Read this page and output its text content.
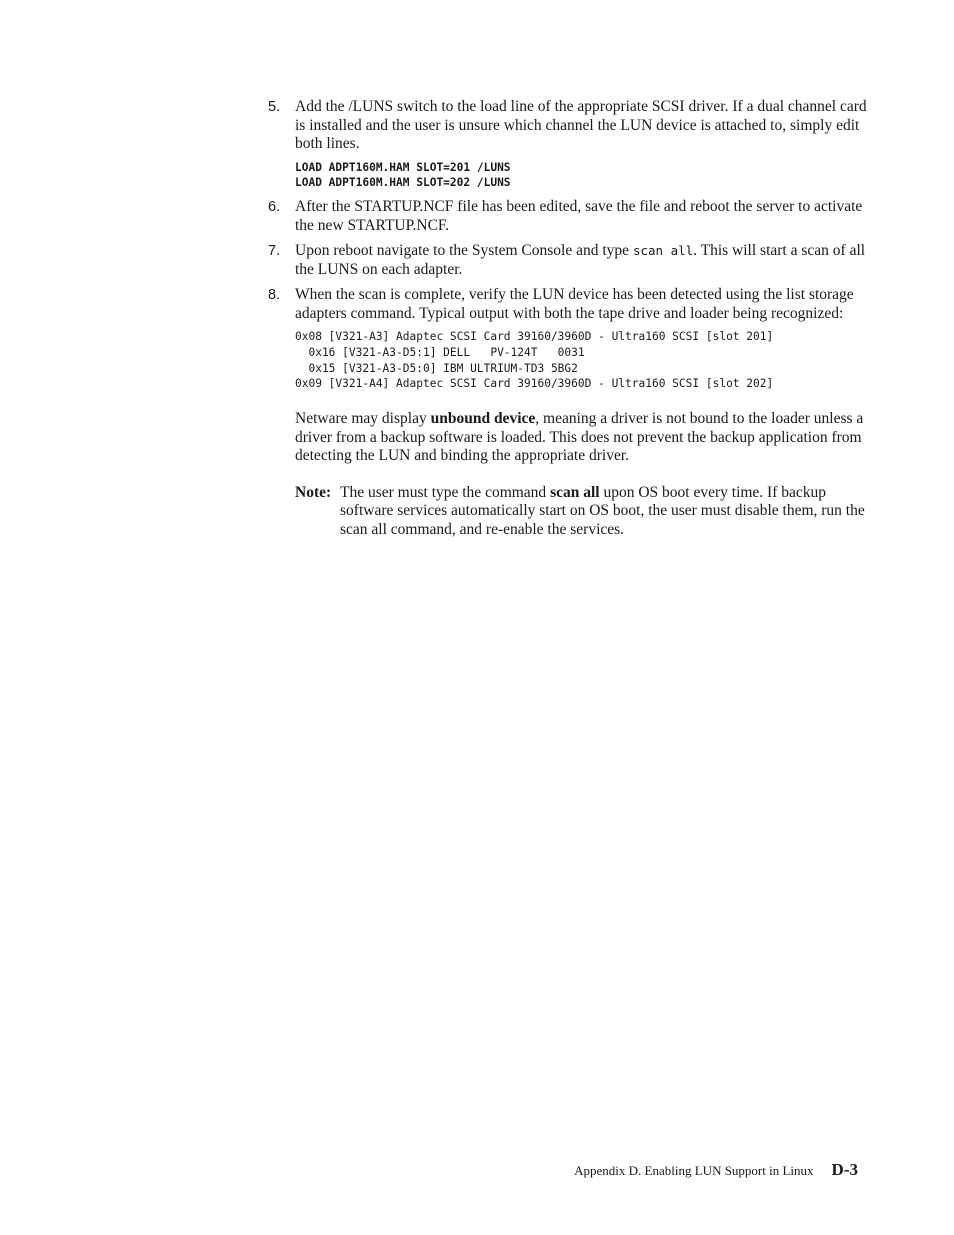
5. Add the /LUNS switch to the load line of the appropriate SCSI driver. If a dual channel card is installed and the user is unsure which channel the LUN device is attached to, simply edit both lines.
LOAD ADPT160M.HAM SLOT=201 /LUNS
LOAD ADPT160M.HAM SLOT=202 /LUNS
6. After the STARTUP.NCF file has been edited, save the file and reboot the server to activate the new STARTUP.NCF.
7. Upon reboot navigate to the System Console and type scan all. This will start a scan of all the LUNS on each adapter.
8. When the scan is complete, verify the LUN device has been detected using the list storage adapters command. Typical output with both the tape drive and loader being recognized:
0x08 [V321-A3] Adaptec SCSI Card 39160/3960D - Ultra160 SCSI [slot 201]
0x16 [V321-A3-D5:1] DELL   PV-124T   0031
0x15 [V321-A3-D5:0] IBM ULTRIUM-TD3 5BG2
0x09 [V321-A4] Adaptec SCSI Card 39160/3960D - Ultra160 SCSI [slot 202]
Netware may display unbound device, meaning a driver is not bound to the loader unless a driver from a backup software is loaded. This does not prevent the backup application from detecting the LUN and binding the appropriate driver.
Note: The user must type the command scan all upon OS boot every time. If backup software services automatically start on OS boot, the user must disable them, run the scan all command, and re-enable the services.
Appendix D. Enabling LUN Support in Linux D-3
